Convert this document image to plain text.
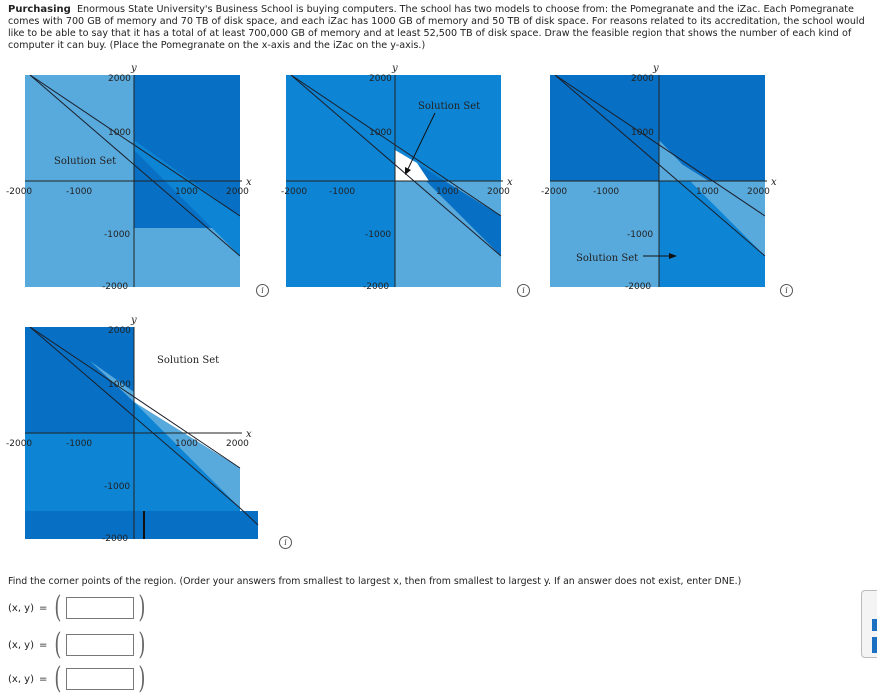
Purchasing Enormous State University's Business School is buying computers. The school has two models to choose from: the Pomegranate and the iZac. Each Pomegranate comes with 700 GB of memory and 70 TB of disk space, and each iZac has 1000 GB of memory and 50 TB of disk space. For reasons related to its accreditation, the school would like to be able to say that it has a total of at least 700,000 GB of memory and at least 52,500 TB of disk space. Draw the feasible region that shows the number of each kind of computer it can buy. (Place the Pomegranate on the x-axis and the iZac on the y-axis.)
x
y
-2000	-1000	1000	2000
2000
1000
-1000
-2000
Solution Set
i
x
y
-2000 -1000	1000	2000
2000
1000
-1000
-2000
Solution Set
i
x
y
-2000	-1000	1000	2000
2000
1000
-1000
-2000
Solution Set
i
x
y
-2000	-1000	1000	2000
2000
1000
-1000
-2000
Solution Set
i
Find the corner points of the region. (Order your answers from smallest to largest x, then from smallest to largest y. If an answer does not exist, enter DNE.)
(x, y) = (	)
(x, y) = (	)
(x, y) = (	)
